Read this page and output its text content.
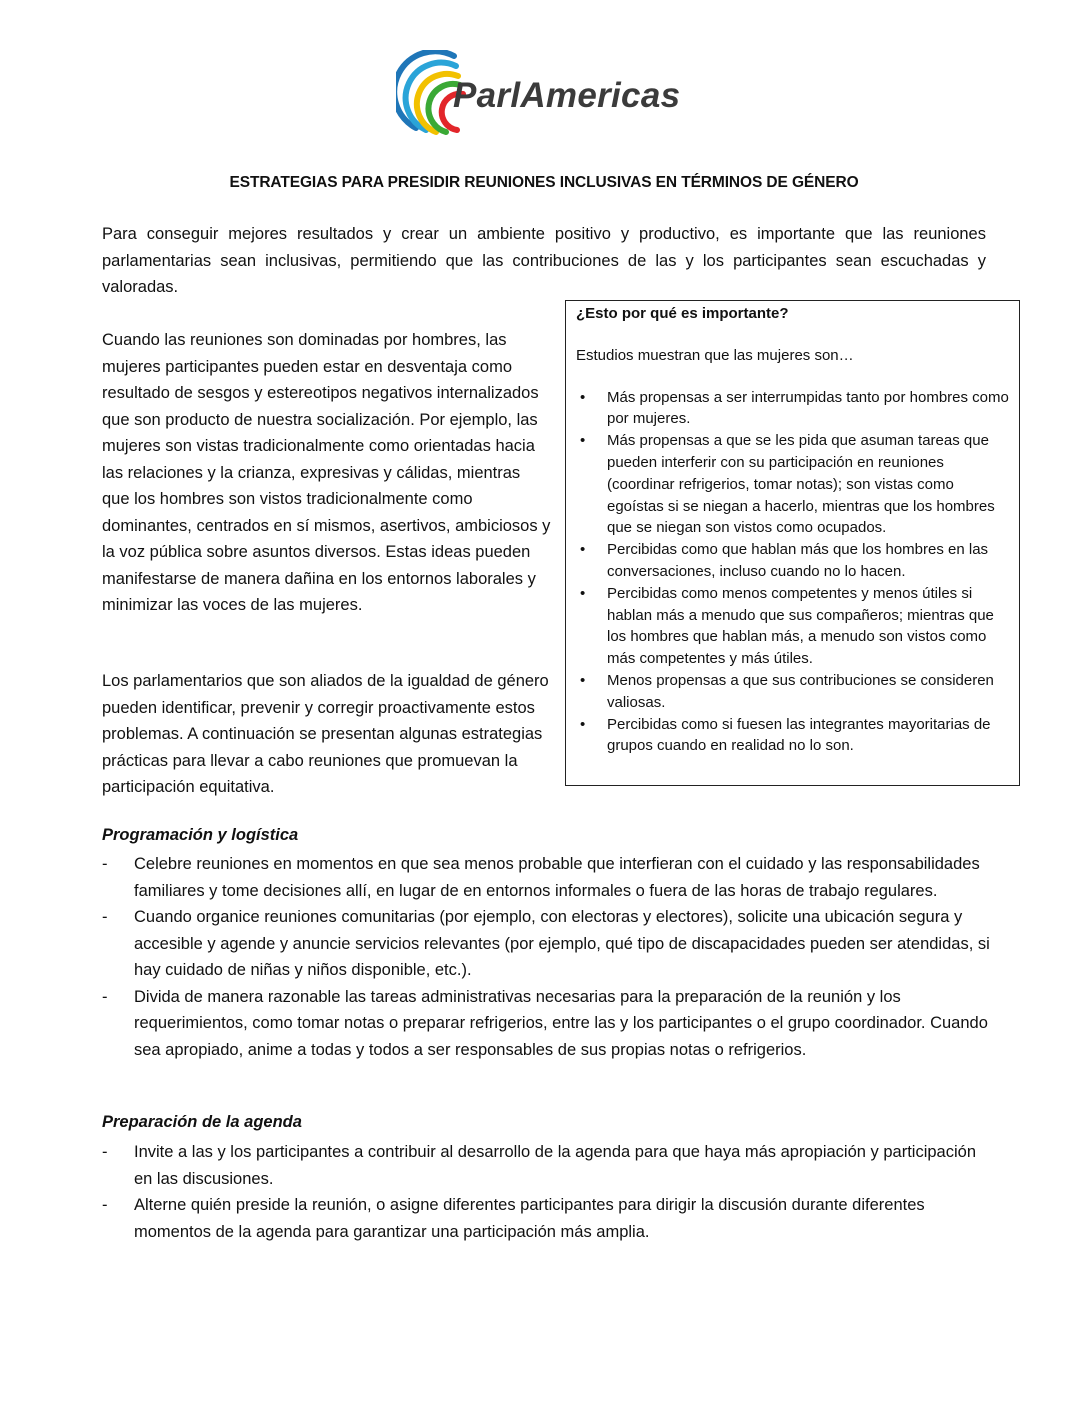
ParlAmericas
ESTRATEGIAS PARA PRESIDIR REUNIONES INCLUSIVAS EN TÉRMINOS DE GÉNERO

Para conseguir mejores resultados y crear un ambiente positivo y productivo, es importante que las reuniones parlamentarias sean inclusivas, permitiendo que las contribuciones de las y los participantes sean escuchadas y valoradas.

Cuando las reuniones son dominadas por hombres, las mujeres participantes pueden estar en desventaja como resultado de sesgos y estereotipos negativos internalizados que son producto de nuestra socialización. Por ejemplo, las mujeres son vistas tradicionalmente como orientadas hacia las relaciones y la crianza, expresivas y cálidas, mientras que los hombres son vistos tradicionalmente como dominantes, centrados en sí mismos, asertivos, ambiciosos y la voz pública sobre asuntos diversos. Estas ideas pueden manifestarse de manera dañina en los entornos laborales y minimizar las voces de las mujeres.

Los parlamentarios que son aliados de la igualdad de género pueden identificar, prevenir y corregir proactivamente estos problemas. A continuación se presentan algunas estrategias prácticas para llevar a cabo reuniones que promuevan la participación equitativa.

¿Esto por qué es importante?

Estudios muestran que las mujeres son…

• Más propensas a ser interrumpidas tanto por hombres como por mujeres.
• Más propensas a que se les pida que asuman tareas que pueden interferir con su participación en reuniones (coordinar refrigerios, tomar notas); son vistas como egoístas si se niegan a hacerlo, mientras que los hombres que se niegan son vistos como ocupados.
• Percibidas como que hablan más que los hombres en las conversaciones, incluso cuando no lo hacen.
• Percibidas como menos competentes y menos útiles si hablan más a menudo que sus compañeros; mientras que los hombres que hablan más, a menudo son vistos como más competentes y más útiles.
• Menos propensas a que sus contribuciones se consideren valiosas.
• Percibidas como si fuesen las integrantes mayoritarias de grupos cuando en realidad no lo son.
Programación y logística
- Celebre reuniones en momentos en que sea menos probable que interfieran con el cuidado y las responsabilidades familiares y tome decisiones allí, en lugar de en entornos informales o fuera de las horas de trabajo regulares.
- Cuando organice reuniones comunitarias (por ejemplo, con electoras y electores), solicite una ubicación segura y accesible y agende y anuncie servicios relevantes (por ejemplo, qué tipo de discapacidades pueden ser atendidas, si hay cuidado de niñas y niños disponible, etc.).
- Divida de manera razonable las tareas administrativas necesarias para la preparación de la reunión y los requerimientos, como tomar notas o preparar refrigerios, entre las y los participantes o el grupo coordinador. Cuando sea apropiado, anime a todas y todos a ser responsables de sus propias notas o refrigerios.
Preparación de la agenda
- Invite a las y los participantes a contribuir al desarrollo de la agenda para que haya más apropiación y participación en las discusiones.
- Alterne quién preside la reunión, o asigne diferentes participantes para dirigir la discusión durante diferentes momentos de la agenda para garantizar una participación más amplia.
